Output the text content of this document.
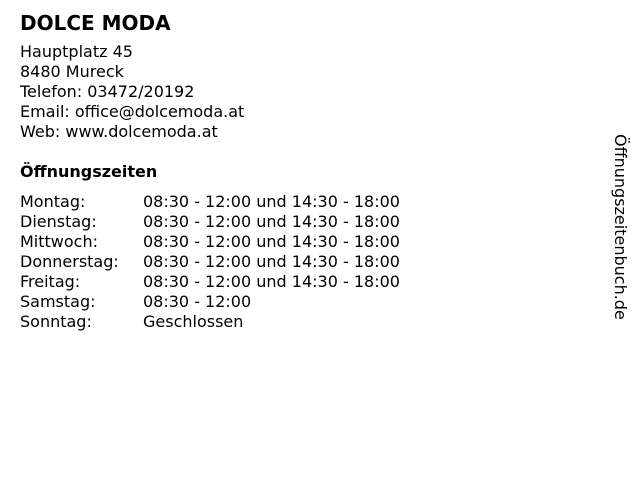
DOLCE MODA
Hauptplatz 45
8480 Mureck
Telefon: 03472/20192
Email: office@dolcemoda.at
Web: www.dolcemoda.at
Öffnungszeiten
Montag:	08:30 - 12:00 und 14:30 - 18:00
Dienstag:	08:30 - 12:00 und 14:30 - 18:00
Mittwoch:	08:30 - 12:00 und 14:30 - 18:00
Donnerstag:	08:30 - 12:00 und 14:30 - 18:00
Freitag:	08:30 - 12:00 und 14:30 - 18:00
Samstag:	08:30 - 12:00
Sonntag:	Geschlossen
Öffnungszeitenbuch.de
